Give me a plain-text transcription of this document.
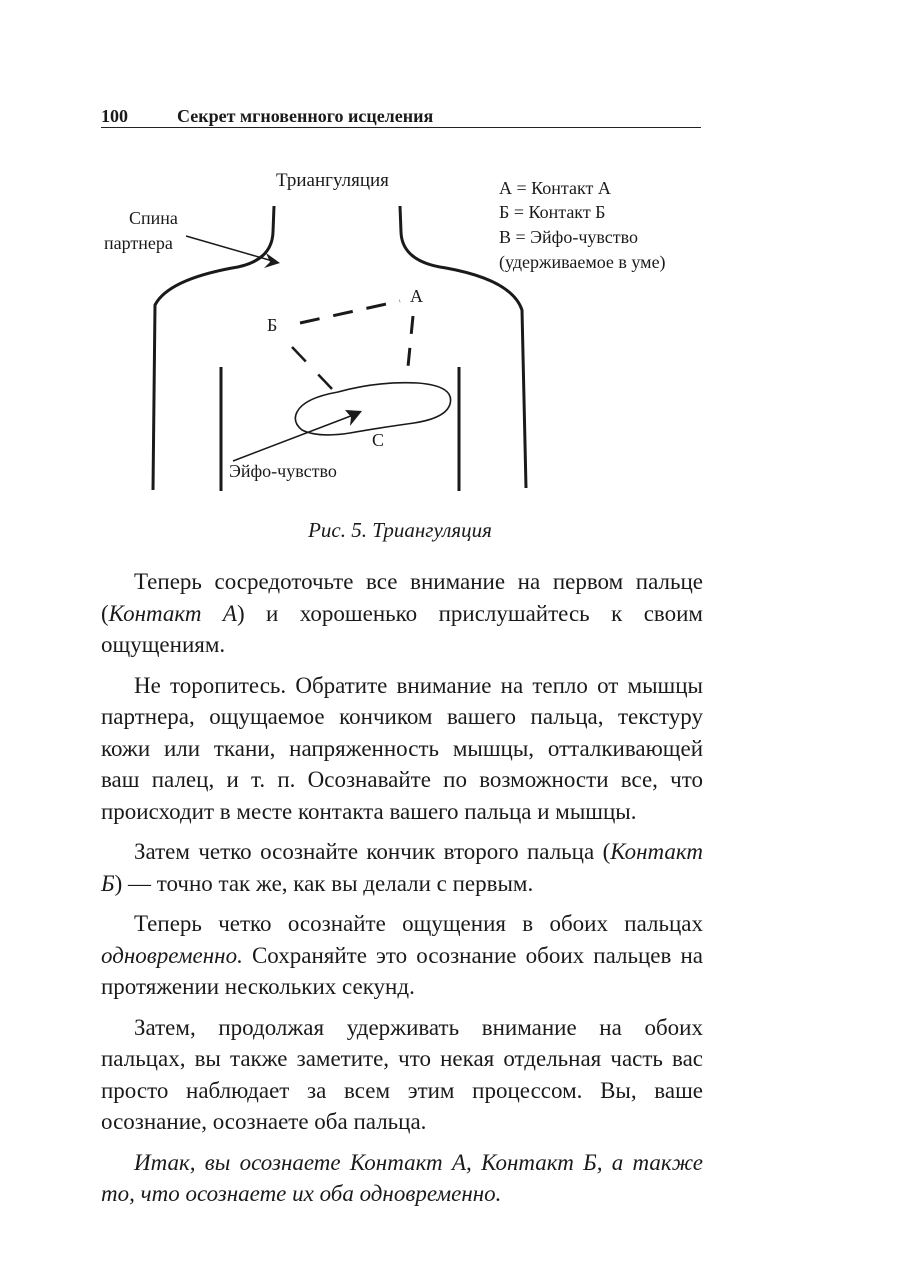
100	Секрет мгновенного исцеления
Триангуляция	А = Контакт А
Б = Контакт Б
В = Эйфо-чувство
(удерживаемое в уме)
Спина
партнера
А
Б
С
Эйфо-чувство
Рис. 5. Триангуляция

Теперь сосредоточьте все внимание на первом пальце (Контакт А) и хорошенько прислушайтесь к своим ощущениям.

Не торопитесь. Обратите внимание на тепло от мышцы партнера, ощущаемое кончиком вашего пальца, текстуру кожи или ткани, напряженность мышцы, отталкивающей ваш палец, и т. п. Осознавайте по возможности все, что происходит в месте контакта вашего пальца и мышцы.

Затем четко осознайте кончик второго пальца (Контакт Б) — точно так же, как вы делали с первым.

Теперь четко осознайте ощущения в обоих пальцах одновременно. Сохраняйте это осознание обоих пальцев на протяжении нескольких секунд.

Затем, продолжая удерживать внимание на обоих пальцах, вы также заметите, что некая отдельная часть вас просто наблюдает за всем этим процессом. Вы, ваше осознание, осознаете оба пальца.

Итак, вы осознаете Контакт А, Контакт Б, а также то, что осознаете их оба одновременно.
